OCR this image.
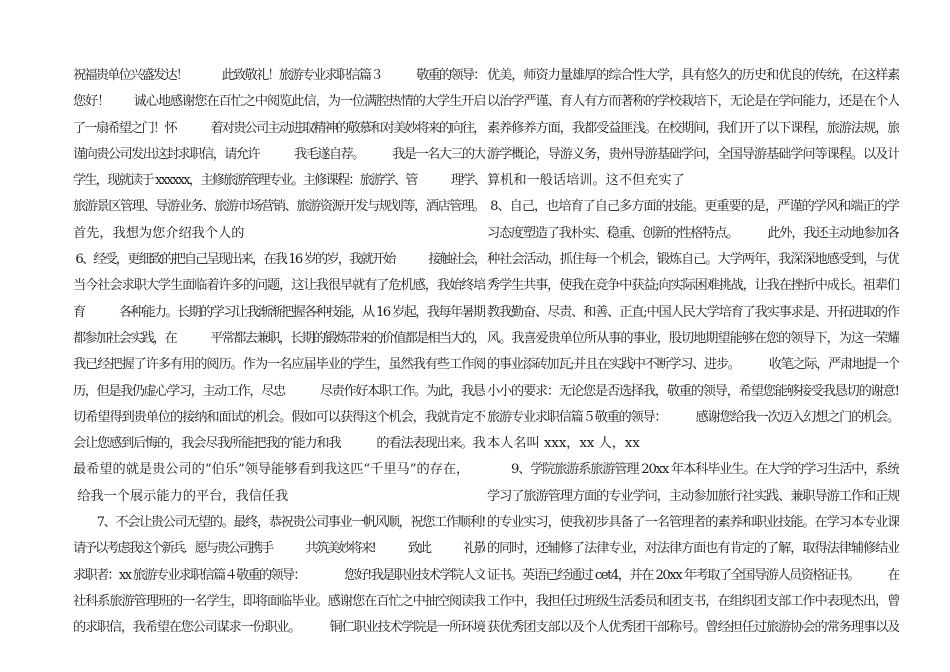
祝福贵单位兴盛发达！　　　此致敬礼！旅游专业求职信篇３　　　敬重的领导：
您好！　　诚心地感谢您在百忙之中阅览此信，为一位满腔热情的大学生开启
了一扇希望之门！怀　　　着对贵公司主动进取精神的敬慕和对美妙将来的向往，
谨向贵公司发出这封求职信，请允许　　　我毛遂自荐。　　　我是一名大三的大
学生，现就读于 xxxxxx，主修旅游管理专业。主修课程：旅游学、管　　　理学、
旅游景区管理、导游业务、旅游市场营销、旅游资源开发与规划等，酒店管理。
首先，我想为您介绍我个人的
6、经受，更细致的把自己呈现出来，在我 16 岁的岁，我就开始　　　接触社会，
当今社会求职大学生面临着许多的问题，这让我很早就有了危机感，我始终培
育　　　各种能力。长期的学习让我渐渐把握各种技能，从 16 岁起，我每年暑期
都参加社会实践，在　　　平常都去兼职，长期的锻炼带来的价值都是相当大的，
我已经把握了许多有用的阅历。作为一名应届毕业的学生，虽然我有些工作阅
历，但是我仍虚心学习，主动工作，尽忠　　　尽责作好本职工作。为此，我恳
切希望得到贵单位的接纳和面试的机会。假如可以获得这个机会，我就肯定不
会让您感到后悔的，我会尽我所能把我的’能力和我　　　的看法表现出来。我
最希望的就是贵公司的“伯乐”领导能够看到我这匹“千里马”的存在，
给我一个展示能力的平台，我信任我
　　7、不会让贵公司无望的。最终，恭祝贵公司事业一帆风顺，祝您工作顺利!
请予以考虑我这个新兵．愿与贵公司携手　　　共筑美妙将来!　　　致此　　　礼敬
求职者：xx 旅游专业求职信篇４敬重的领导：　　　　您好!我是职业技术学院人文
社科系旅游管理班的一名学生，即将面临毕业。感谢您在百忙之中抽空阅读我
的求职信，我希望在您公司谋求一份职业。　　　铜仁职业技术学院是一所环境
优美，师资力量雄厚的综合性大学，具有悠久的历史和优良的传统，在这样素
以治学严谨、育人有方而著称的学校栽培下，无论是在学问能力，还是在个人
素养修养方面，我都受益匪浅。在校期间，我们开了以下课程，旅游法规，旅
游学概论，导游义务，贵州导游基础学问，全国导游基础学问等课程。以及计
算机和一般话培训。这不但充实了
8、自己，也培育了自己多方面的技能。更重要的是，严谨的学风和端正的学
习态度塑造了我朴实、稳重、创新的性格特点。　　　此外，我还主动地参加各
种社会活动，抓住每一个机会，锻炼自己。大学两年，我深深地感受到，与优
秀学生共事，使我在竞争中获益;向实际困难挑战，让我在挫折中成长。祖辈们
教我勤奋、尽责、和善、正直;中国人民大学培育了我实事求是、开拓进取的作
风。我喜爱贵单位所从事的事业，股切地期望能够在您的领导下，为这一荣耀
的事业添砖加瓦;并且在实践中不断学习、进步。　　　收笔之际，严肃地提一个
小小的要求：无论您是否选择我，敬重的领导，希望您能够接受我恳切的谢意!
旅游专业求职信篇５敬重的领导：　　　感谢您给我一次迈入幻想之门的机会。
本人名叫 xxx，xx 人，xx
　　9、学院旅游系旅游管理 20xx 年本科毕业生。在大学的学习生活中，系统
学习了旅游管理方面的专业学问，主动参加旅行社实践、兼职导游工作和正规
的专业实习，使我初步具备了一名管理者的素养和职业技能。在学习本专业课
的同时，还辅修了法律专业，对法律方面也有肯定的了解，取得法律辅修结业
证书。英语已经通过 cet4，并在 20xx 年考取了全国导游人员资格证书。　　　在
工作中，我担任过班级生活委员和团支书，在组织团支部工作中表现杰出，曾
获优秀团支部以及个人优秀团干部称号。曾经担任过旅游协会的常务理事以及
